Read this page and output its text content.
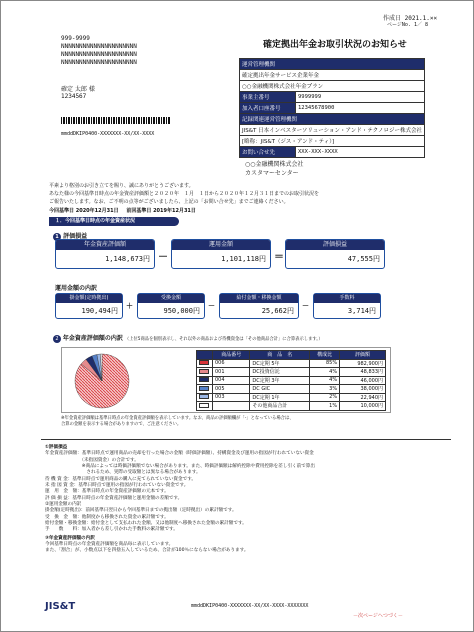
作成日 2021.1.××
ページNo. 1／ 8
確定拠出年金お取引状況のお知らせ
999-9999
NNNNNNNNNNNNNNNNNNNNN
NNNNNNNNNNNNNNNNNNNNN
NNNNNNNNNNNNNNNNNNNNN
確定 太郎 様
1234567
mmddDKIP0400-XXXXXXX-XX/XX-XXXX
運営管理機関	
確定拠出年金サービス企業年金	
○○金融機関株式会社年金プラン	
事業主番号	9999999
加入者口座番号	12345678900
記録関連運営管理機関	
JIS&T 日本インベスターソリューション・アンド・テクノロジー株式会社	
[略称：JIS&T（ジス・アンド・ティ）]	
お問い合せ先	XXX-XXX-XXXX
○○金融機関株式会社
カスタマーセンター
平素より格別のお引き立てを賜り、誠にありがとうございます。
あなた様の今回基準日時点の年金資産評価額と２０２０年　１月　１日から２０２０年１２月３１日までのお取引状況を
ご報告いたします。なお、ご不明の点等がございましたら、上記の「お問い合せ先」までご連絡ください。
今回基準日 2020年12月31日 前回基準日 2019年12月31日
１．今回基準日時点の年金資産状況
1 評価損益
年金資産評価額
1,148,673円 －
運用金額
1,101,118円 ＝
評価損益
47,555円
運用金額の内訳
掛金額(定時拠出)
190,494円
＋
受換金額
950,000円
－
給付金額・移換金額
25,662円
－
手数料
3,714円
2 年金資産評価額の内訳 （上位5商品を個別表示し、それ以外の商品および待機資金は「その他商品合計」に合算表示します。）
	商品番号	商　品　名	構成比	評価額
	006	DC定期 5年	85%	982,900円
	001	DC投資信託	4%	48,833円
	004	DC定期 3年	4%	46,000円
	005	DC GIC	3%	38,000円
	003	DC定期 1年	2%	22,940円
		その他商品合計	1%	10,000円
※年金資産評価額は基準日時点の年金資産評価額を表示しています。なお、商品の評価額欄が「-」となっている場合は、
合算の金額を表示する場合がありますので、ご注意ください。
①評価損益
年金資産評価額：基準日時点で運用商品の売却を行った場合の金額（時価評価額）、持構資金及び運用の指図が行われていない資金
　　　　　　　　（未指図資金）の合計です。
　　　　　　　　※商品によっては時価評価額でない場合があります。また、時価評価額は解約控除や費用控除を差し引く前で算出
　　　　　　　　　されるため、実際の受取額とは異なる場合があります。
待 機 資 金：基準日時点で運用商品の購入に充てられていない資金です。
未 指 図 資 金：基準日時点で運用の指図が行われていない資金です。
運　用　金　額：基準日時点の年金資産評価額の元本です。
評 価 損 益：基準日時点の年金資産評価額と運用金額の差額です。
②運用金額の内訳
掛金額(定時拠出)：前回基準日翌日から今回基準日までの拠出額（定時拠出）の累計額です。
受　換　金　額：他制度から移換された資金の累計額です。
給付金額・移換金額：給付金として支払われた金額、又は他制度へ移換された金額の累計額です。
手　　数　　料：加入者から差し引かれた手数料の累計額です。
③年金資産評価額の内訳
今回基準日時点の年金資産評価額を商品毎に表示しています。
また、「割合」が、小数点以下を四捨五入しているため、合計が100％にならない場合があります。
JIS&T	mmddDKIP0400-XXXXXXX-XX/XX-XXXX-XXXXXXX
－次ページへつづく－
